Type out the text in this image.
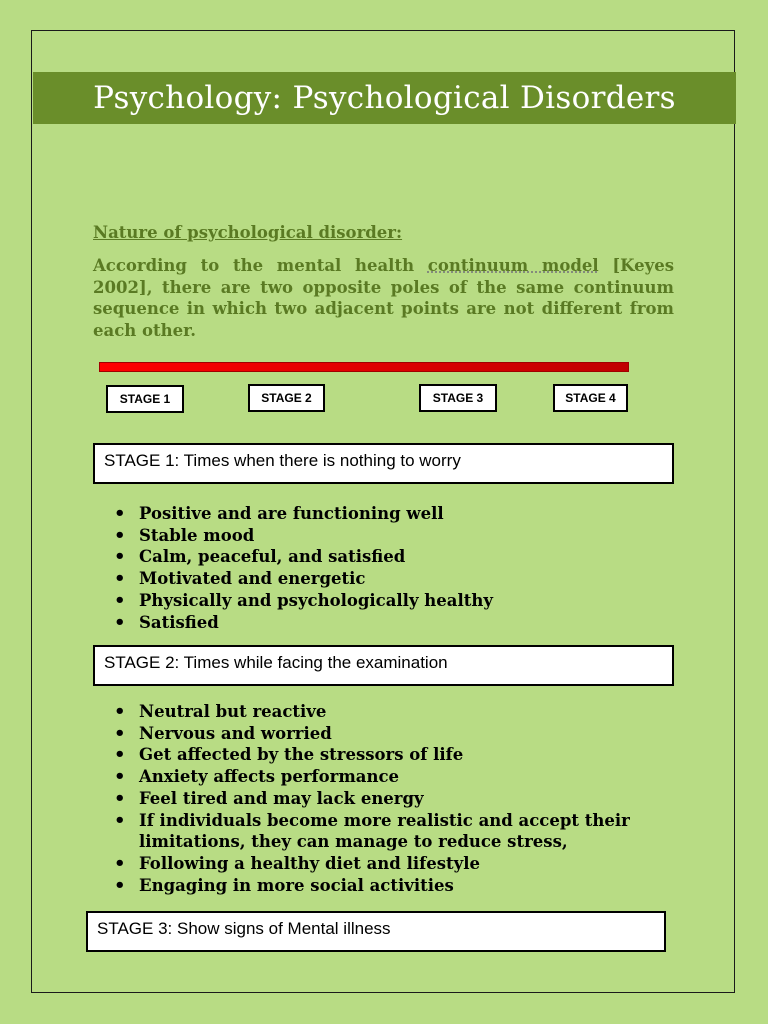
Psychology: Psychological Disorders
Nature of psychological disorder:

According to the mental health continuum model [Keyes 2002], there are two opposite poles of the same continuum sequence in which two adjacent points are not different from each other.

STAGE 1	STAGE 2	STAGE 3	STAGE 4
STAGE 1: Times when there is nothing to worry
• Positive and are functioning well
• Stable mood
• Calm, peaceful, and satisfied
• Motivated and energetic
• Physically and psychologically healthy
• Satisfied
STAGE 2: Times while facing the examination
• Neutral but reactive
• Nervous and worried
• Get affected by the stressors of life
• Anxiety affects performance
• Feel tired and may lack energy
• If individuals become more realistic and accept their limitations, they can manage to reduce stress,
• Following a healthy diet and lifestyle
• Engaging in more social activities
STAGE 3: Show signs of Mental illness
